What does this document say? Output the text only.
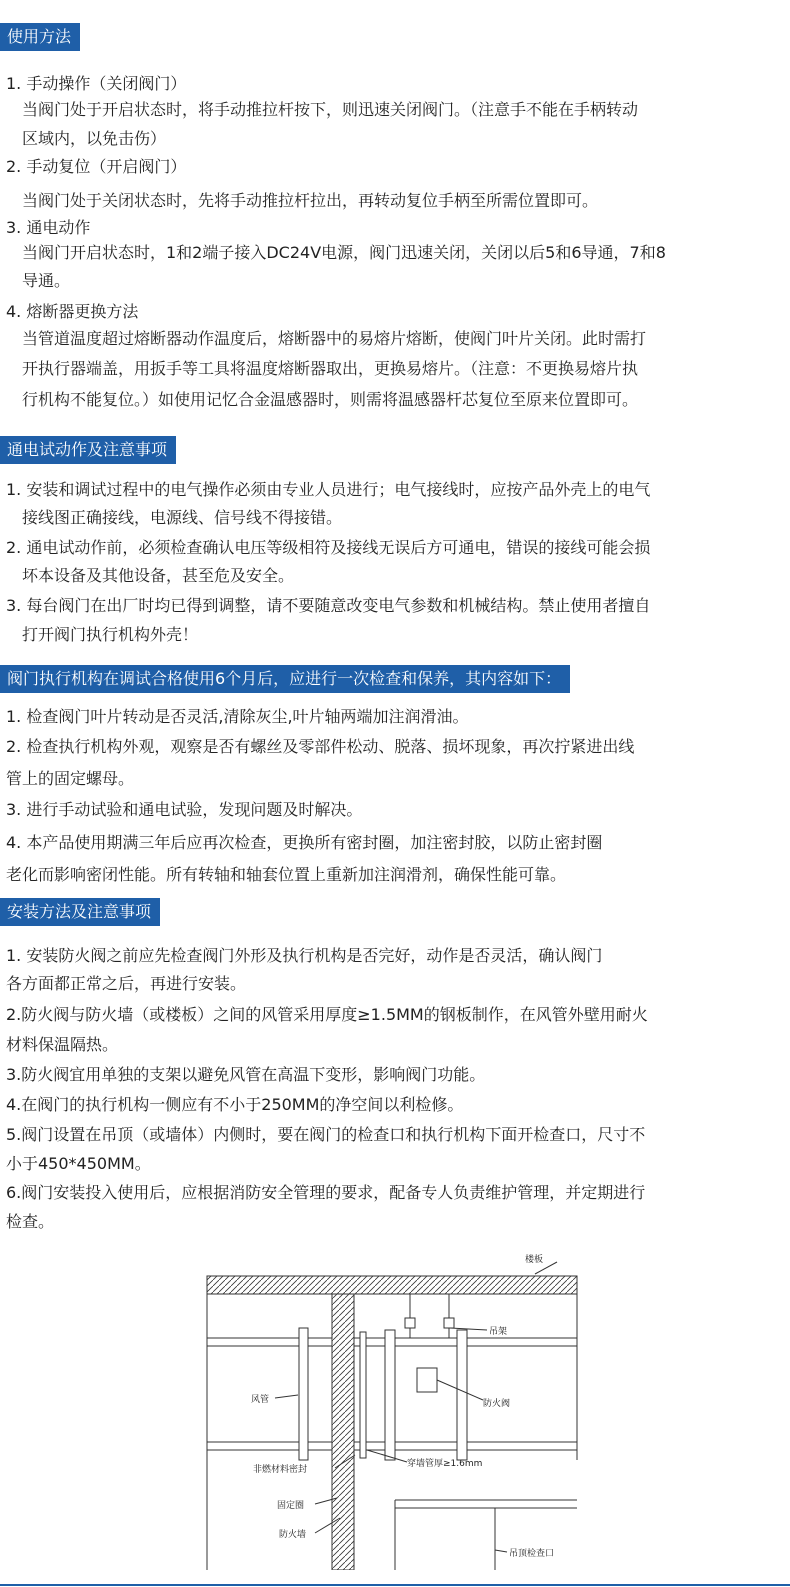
使用方法
1. 手动操作（关闭阀门）
当阀门处于开启状态时，将手动推拉杆按下，则迅速关闭阀门。（注意手不能在手柄转动
区域内，以免击伤）
2. 手动复位（开启阀门）
当阀门处于关闭状态时，先将手动推拉杆拉出，再转动复位手柄至所需位置即可。
3. 通电动作
当阀门开启状态时，1和2端子接入DC24V电源，阀门迅速关闭，关闭以后5和6导通，7和8
导通。
4. 熔断器更换方法
当管道温度超过熔断器动作温度后，熔断器中的易熔片熔断，使阀门叶片关闭。此时需打
开执行器端盖，用扳手等工具将温度熔断器取出，更换易熔片。（注意：不更换易熔片执
行机构不能复位。）如使用记忆合金温感器时，则需将温感器杆芯复位至原来位置即可。
通电试动作及注意事项
1. 安装和调试过程中的电气操作必须由专业人员进行；电气接线时，应按产品外壳上的电气
接线图正确接线，电源线、信号线不得接错。
2. 通电试动作前，必须检查确认电压等级相符及接线无误后方可通电，错误的接线可能会损
坏本设备及其他设备，甚至危及安全。
3. 每台阀门在出厂时均已得到调整，请不要随意改变电气参数和机械结构。禁止使用者擅自
打开阀门执行机构外壳！
阀门执行机构在调试合格使用6个月后，应进行一次检查和保养，其内容如下：
1. 检查阀门叶片转动是否灵活,清除灰尘,叶片轴两端加注润滑油。
2. 检查执行机构外观，观察是否有螺丝及零部件松动、脱落、损坏现象，再次拧紧进出线
管上的固定螺母。
3. 进行手动试验和通电试验，发现问题及时解决。
4. 本产品使用期满三年后应再次检查，更换所有密封圈，加注密封胶，以防止密封圈
老化而影响密闭性能。所有转轴和轴套位置上重新加注润滑剂，确保性能可靠。
安装方法及注意事项
1. 安装防火阀之前应先检查阀门外形及执行机构是否完好，动作是否灵活，确认阀门
各方面都正常之后，再进行安装。
2.防火阀与防火墙（或楼板）之间的风管采用厚度≥1.5MM的钢板制作，在风管外壁用耐火
材料保温隔热。
3.防火阀宜用单独的支架以避免风管在高温下变形，影响阀门功能。
4.在阀门的执行机构一侧应有不小于250MM的净空间以利检修。
5.阀门设置在吊顶（或墙体）内侧时，要在阀门的检查口和执行机构下面开检查口，尺寸不
小于450*450MM。
6.阀门安装投入使用后，应根据消防安全管理的要求，配备专人负责维护管理，并定期进行
检查。
楼板
吊架
风管	防火阀
非燃材料密封
穿墙管厚≥1.6mm
固定圈
防火墙
吊顶检查口
